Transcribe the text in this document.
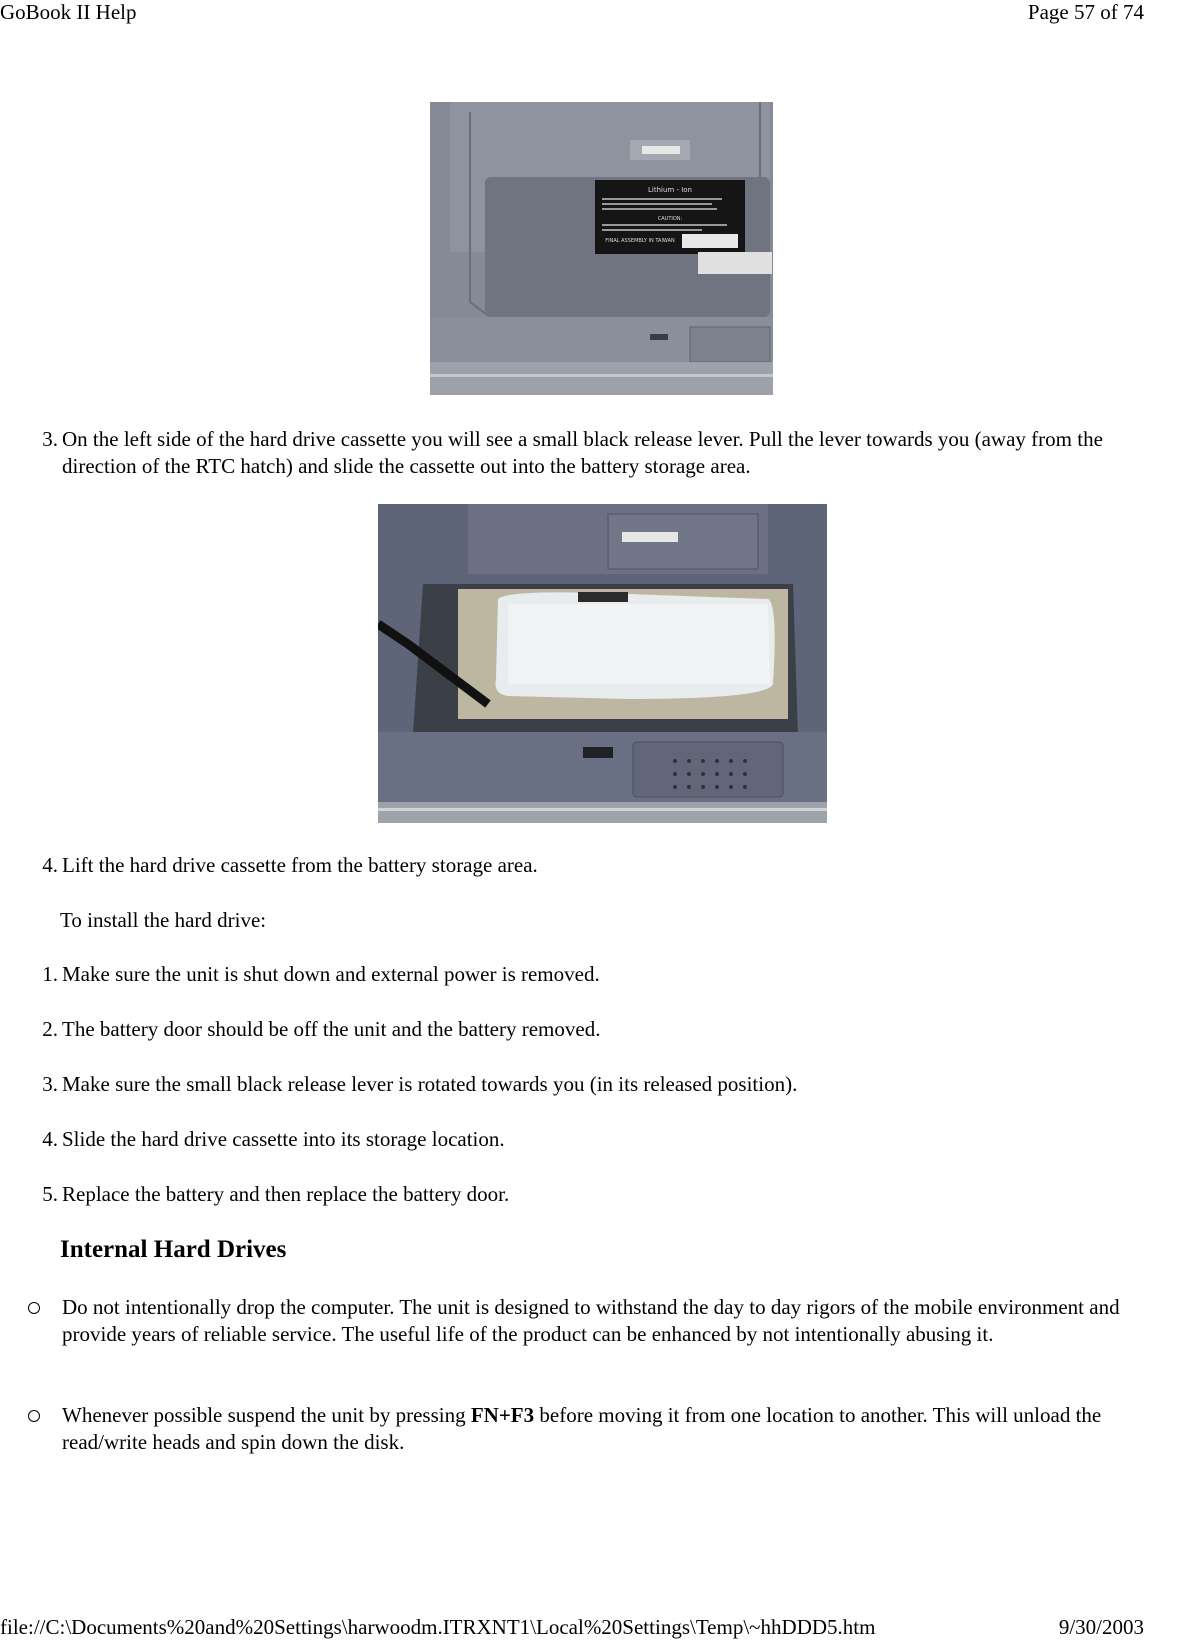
GoBook II Help	Page 57 of 74
Lithium - Ion
CAUTION:
FINAL ASSEMBLY IN TAIWAN
3. On the left side of the hard drive cassette you will see a small black release lever. Pull the lever towards you (away from the direction of the RTC hatch) and slide the cassette out into the battery storage area.
4. Lift the hard drive cassette from the battery storage area.
To install the hard drive:
1. Make sure the unit is shut down and external power is removed.
2. The battery door should be off the unit and the battery removed.
3. Make sure the small black release lever is rotated towards you (in its released position).
4. Slide the hard drive cassette into its storage location.
5. Replace the battery and then replace the battery door.
Internal Hard Drives
Do not intentionally drop the computer. The unit is designed to withstand the day to day rigors of the mobile environment and provide years of reliable service. The useful life of the product can be enhanced by not intentionally abusing it.
Whenever possible suspend the unit by pressing FN+F3 before moving it from one location to another. This will unload the read/write heads and spin down the disk.
file://C:\Documents%20and%20Settings\harwoodm.ITRXNT1\Local%20Settings\Temp\~hhDDD5.htm	9/30/2003
